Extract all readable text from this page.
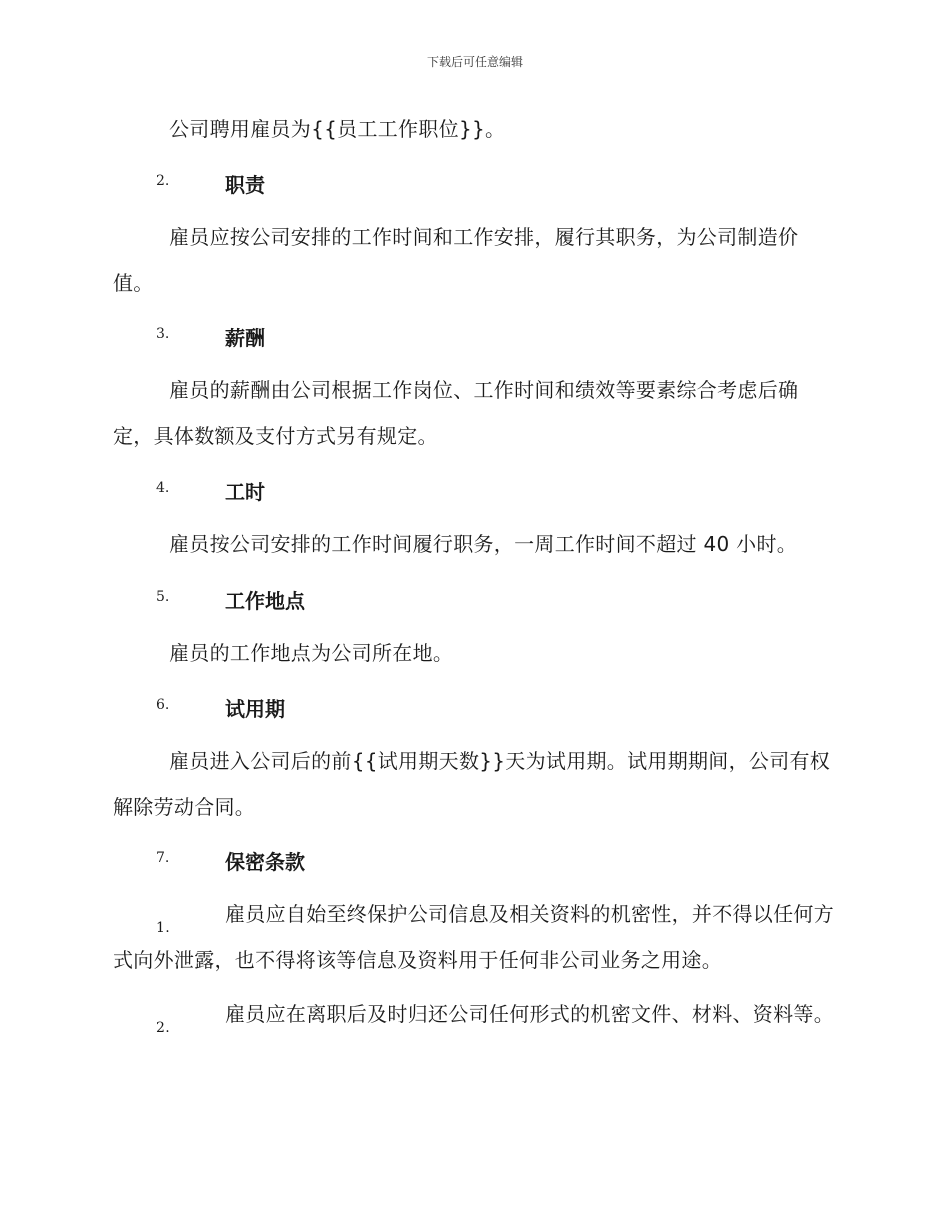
下载后可任意编辑
公司聘用雇员为{{员工工作职位}}。
2.	职责
雇员应按公司安排的工作时间和工作安排，履行其职务，为公司制造价值。
3.	薪酬
雇员的薪酬由公司根据工作岗位、工作时间和绩效等要素综合考虑后确定，具体数额及支付方式另有规定。
4.	工时
雇员按公司安排的工作时间履行职务，一周工作时间不超过 40 小时。
5.	工作地点
雇员的工作地点为公司所在地。
6.	试用期
雇员进入公司后的前{{试用期天数}}天为试用期。试用期期间，公司有权解除劳动合同。
7.	保密条款
1.
雇员应自始至终保护公司信息及相关资料的机密性，并不得以任何方式向外泄露，也不得将该等信息及资料用于任何非公司业务之用途。
2.
雇员应在离职后及时归还公司任何形式的机密文件、材料、资料等。
